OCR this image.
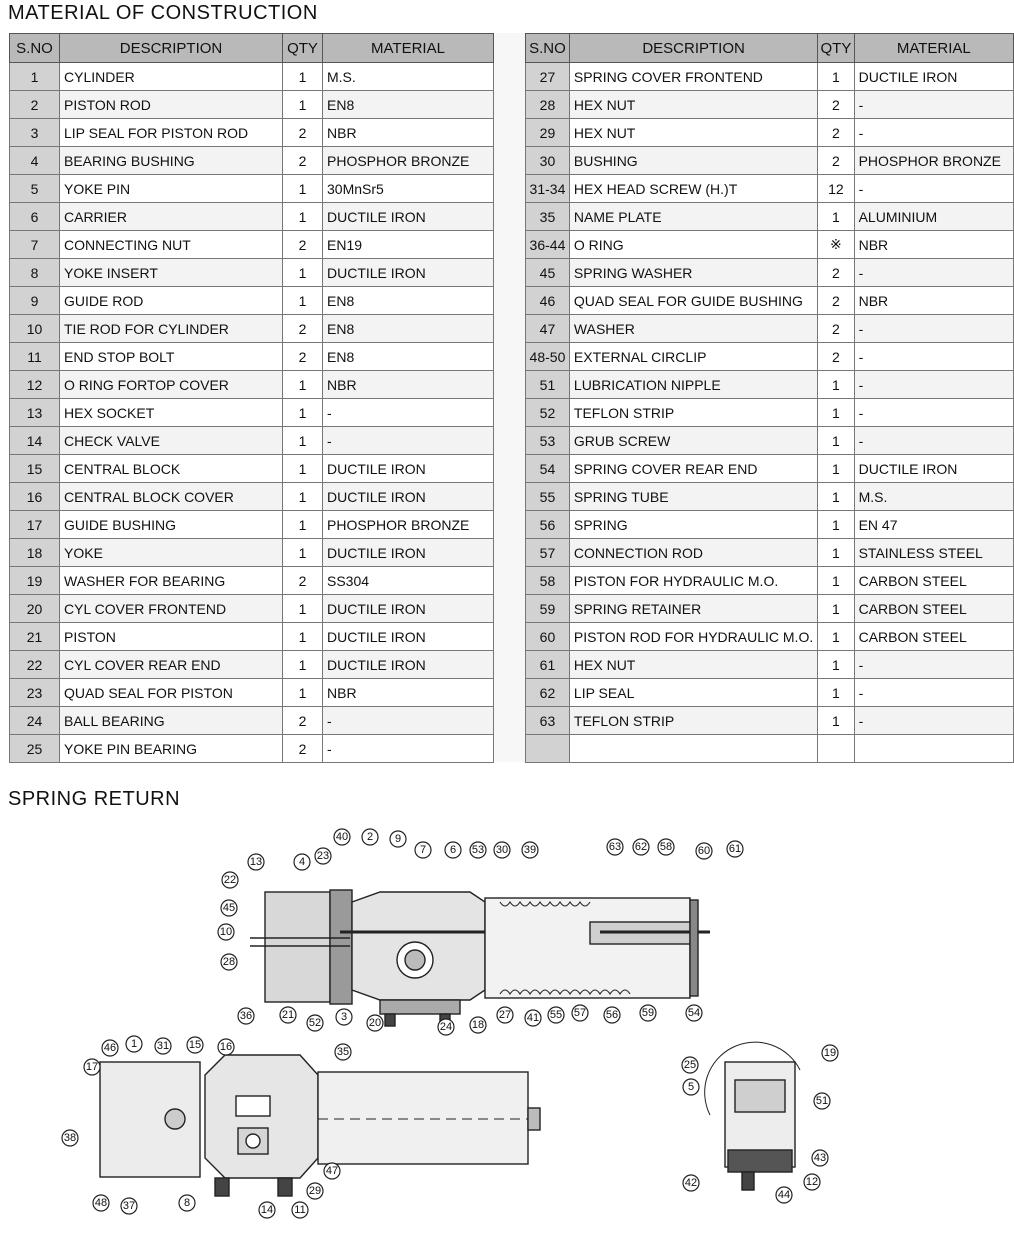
MATERIAL OF CONSTRUCTION
S.NO	DESCRIPTION	QTY	MATERIAL
1	CYLINDER	1	M.S.
2	PISTON ROD	1	EN8
3	LIP SEAL FOR PISTON ROD	2	NBR
4	BEARING BUSHING	2	PHOSPHOR BRONZE
5	YOKE PIN	1	30MnSr5
6	CARRIER	1	DUCTILE IRON
7	CONNECTING NUT	2	EN19
8	YOKE INSERT	1	DUCTILE IRON
9	GUIDE ROD	1	EN8
10	TIE ROD FOR CYLINDER	2	EN8
11	END STOP BOLT	2	EN8
12	O RING FORTOP COVER	1	NBR
13	HEX SOCKET	1	-
14	CHECK VALVE	1	-
15	CENTRAL BLOCK	1	DUCTILE IRON
16	CENTRAL BLOCK COVER	1	DUCTILE IRON
17	GUIDE BUSHING	1	PHOSPHOR BRONZE
18	YOKE	1	DUCTILE IRON
19	WASHER FOR BEARING	2	SS304
20	CYL COVER FRONTEND	1	DUCTILE IRON
21	PISTON	1	DUCTILE IRON
22	CYL COVER REAR END	1	DUCTILE IRON
23	QUAD SEAL FOR PISTON	1	NBR
24	BALL BEARING	2	-
25	YOKE PIN BEARING	2	-
S.NO	DESCRIPTION	QTY	MATERIAL
27	SPRING COVER FRONTEND	1	DUCTILE IRON
28	HEX NUT	2	-
29	HEX NUT	2	-
30	BUSHING	2	PHOSPHOR BRONZE
31-34	HEX HEAD SCREW (H.)T	12	-
35	NAME PLATE	1	ALUMINIUM
36-44	O RING	※	NBR
45	SPRING WASHER	2	-
46	QUAD SEAL FOR GUIDE BUSHING	2	NBR
47	WASHER	2	-
48-50	EXTERNAL CIRCLIP	2	-
51	LUBRICATION NIPPLE	1	-
52	TEFLON STRIP	1	-
53	GRUB SCREW	1	-
54	SPRING COVER REAR END	1	DUCTILE IRON
55	SPRING TUBE	1	M.S.
56	SPRING	1	EN 47
57	CONNECTION ROD	1	STAINLESS STEEL
58	PISTON FOR HYDRAULIC M.O.	1	CARBON STEEL
59	SPRING RETAINER	1	CARBON STEEL
60	PISTON ROD FOR HYDRAULIC M.O.	1	CARBON STEEL
61	HEX NUT	1	-
62	LIP SEAL	1	-
63	TEFLON STRIP	1	-

SPRING RETURN
40 2 9
7 6 53 30 39	63 62 58 60 61
13	4 23
22
45
10
28
36	21
52 3 20	24 18
27 41 55 57 56 59	54
46 1 31 15 16	35
17
38
48 37	8
14 11
29
47
25
5
19
51
43
12
44
42
